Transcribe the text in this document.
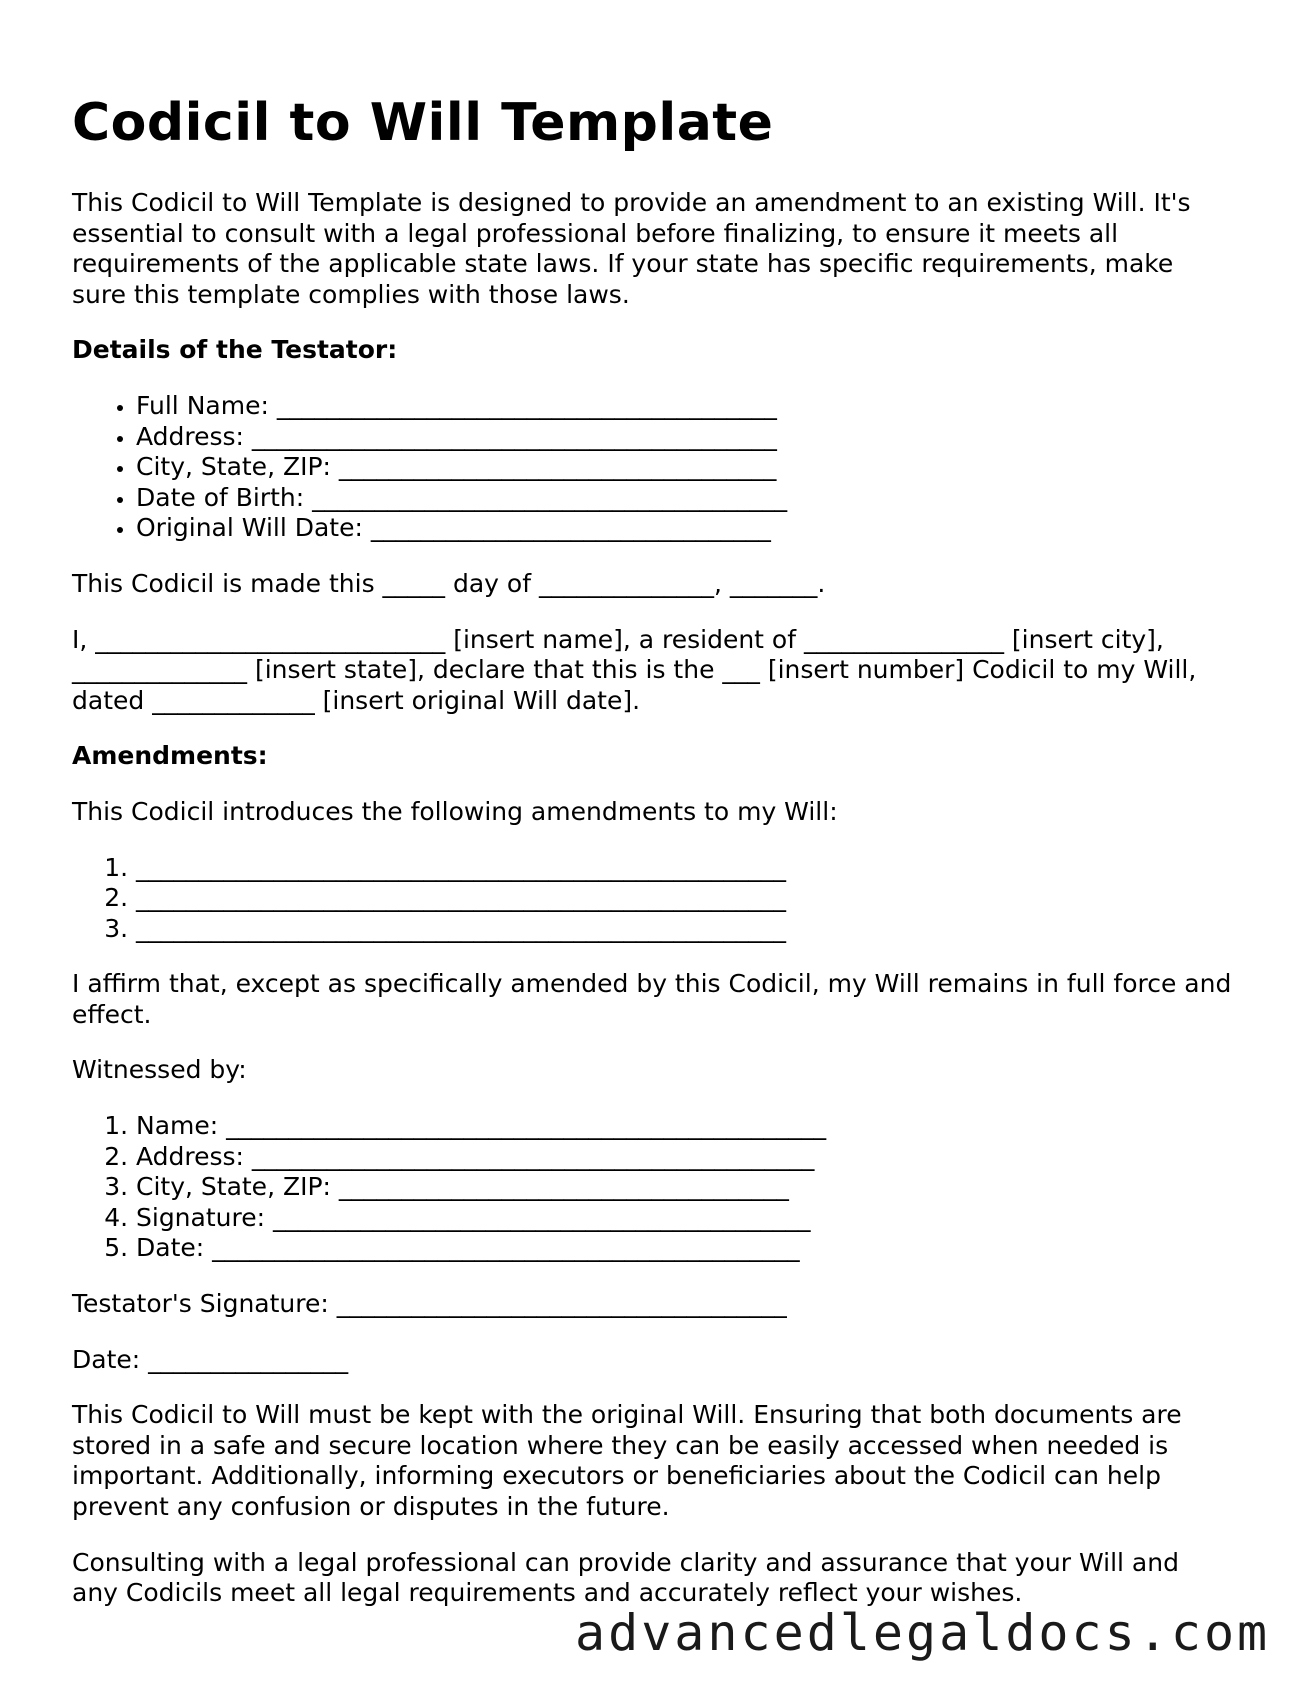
Codicil to Will Template

This Codicil to Will Template is designed to provide an amendment to an existing Will. It's essential to consult with a legal professional before finalizing, to ensure it meets all requirements of the applicable state laws. If your state has specific requirements, make sure this template complies with those laws.

Details of the Testator:
• Full Name: ________________________________________
• Address: __________________________________________
• City, State, ZIP: ___________________________________
• Date of Birth: ______________________________________
• Original Will Date: ________________________________

This Codicil is made this _____ day of ______________, _______.

I, ____________________________ [insert name], a resident of ________________ [insert city], ______________ [insert state], declare that this is the ___ [insert number] Codicil to my Will, dated _____________ [insert original Will date].

Amendments:

This Codicil introduces the following amendments to my Will:

1. ____________________________________________________
2. ____________________________________________________
3. ____________________________________________________

I affirm that, except as specifically amended by this Codicil, my Will remains in full force and effect.

Witnessed by:

1. Name: ________________________________________________
2. Address: _____________________________________________
3. City, State, ZIP: ____________________________________
4. Signature: ___________________________________________
5. Date: _______________________________________________

Testator's Signature: ____________________________________

Date: ________________

This Codicil to Will must be kept with the original Will. Ensuring that both documents are stored in a safe and secure location where they can be easily accessed when needed is important. Additionally, informing executors or beneficiaries about the Codicil can help prevent any confusion or disputes in the future.

Consulting with a legal professional can provide clarity and assurance that your Will and any Codicils meet all legal requirements and accurately reflect your wishes.

advancedlegaldocs.com
